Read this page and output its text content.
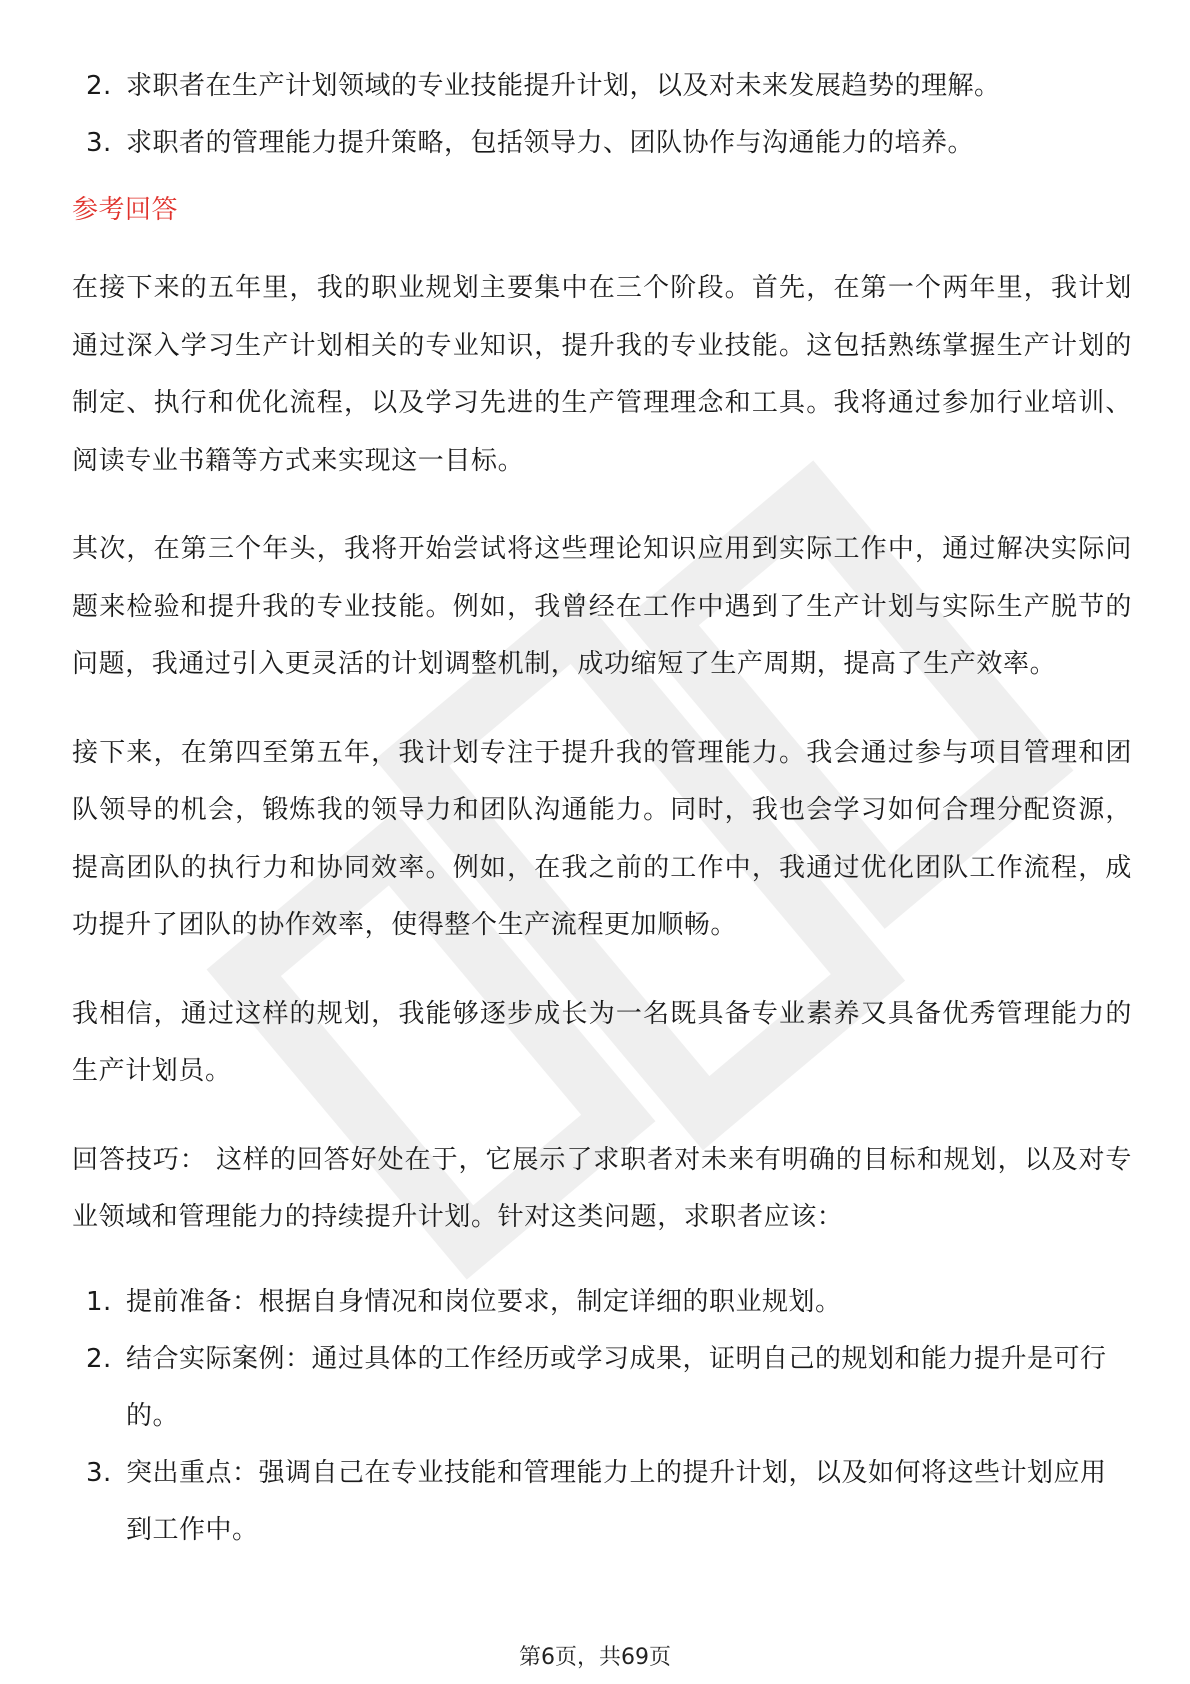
2. 求职者在生产计划领域的专业技能提升计划，以及对未来发展趋势的理解。
3. 求职者的管理能力提升策略，包括领导力、团队协作与沟通能力的培养。
参考回答

在接下来的五年里，我的职业规划主要集中在三个阶段。首先，在第一个两年里，我计划通过深入学习生产计划相关的专业知识，提升我的专业技能。这包括熟练掌握生产计划的制定、执行和优化流程，以及学习先进的生产管理理念和工具。我将通过参加行业培训、阅读专业书籍等方式来实现这一目标。

其次，在第三个年头，我将开始尝试将这些理论知识应用到实际工作中，通过解决实际问题来检验和提升我的专业技能。例如，我曾经在工作中遇到了生产计划与实际生产脱节的问题，我通过引入更灵活的计划调整机制，成功缩短了生产周期，提高了生产效率。

接下来，在第四至第五年，我计划专注于提升我的管理能力。我会通过参与项目管理和团队领导的机会，锻炼我的领导力和团队沟通能力。同时，我也会学习如何合理分配资源，提高团队的执行力和协同效率。例如，在我之前的工作中，我通过优化团队工作流程，成功提升了团队的协作效率，使得整个生产流程更加顺畅。

我相信，通过这样的规划，我能够逐步成长为一名既具备专业素养又具备优秀管理能力的生产计划员。

回答技巧： 这样的回答好处在于，它展示了求职者对未来有明确的目标和规划，以及对专业领域和管理能力的持续提升计划。针对这类问题，求职者应该：

1. 提前准备：根据自身情况和岗位要求，制定详细的职业规划。
2. 结合实际案例：通过具体的工作经历或学习成果，证明自己的规划和能力提升是可行的。
3. 突出重点：强调自己在专业技能和管理能力上的提升计划，以及如何将这些计划应用到工作中。
第6页，共69页
